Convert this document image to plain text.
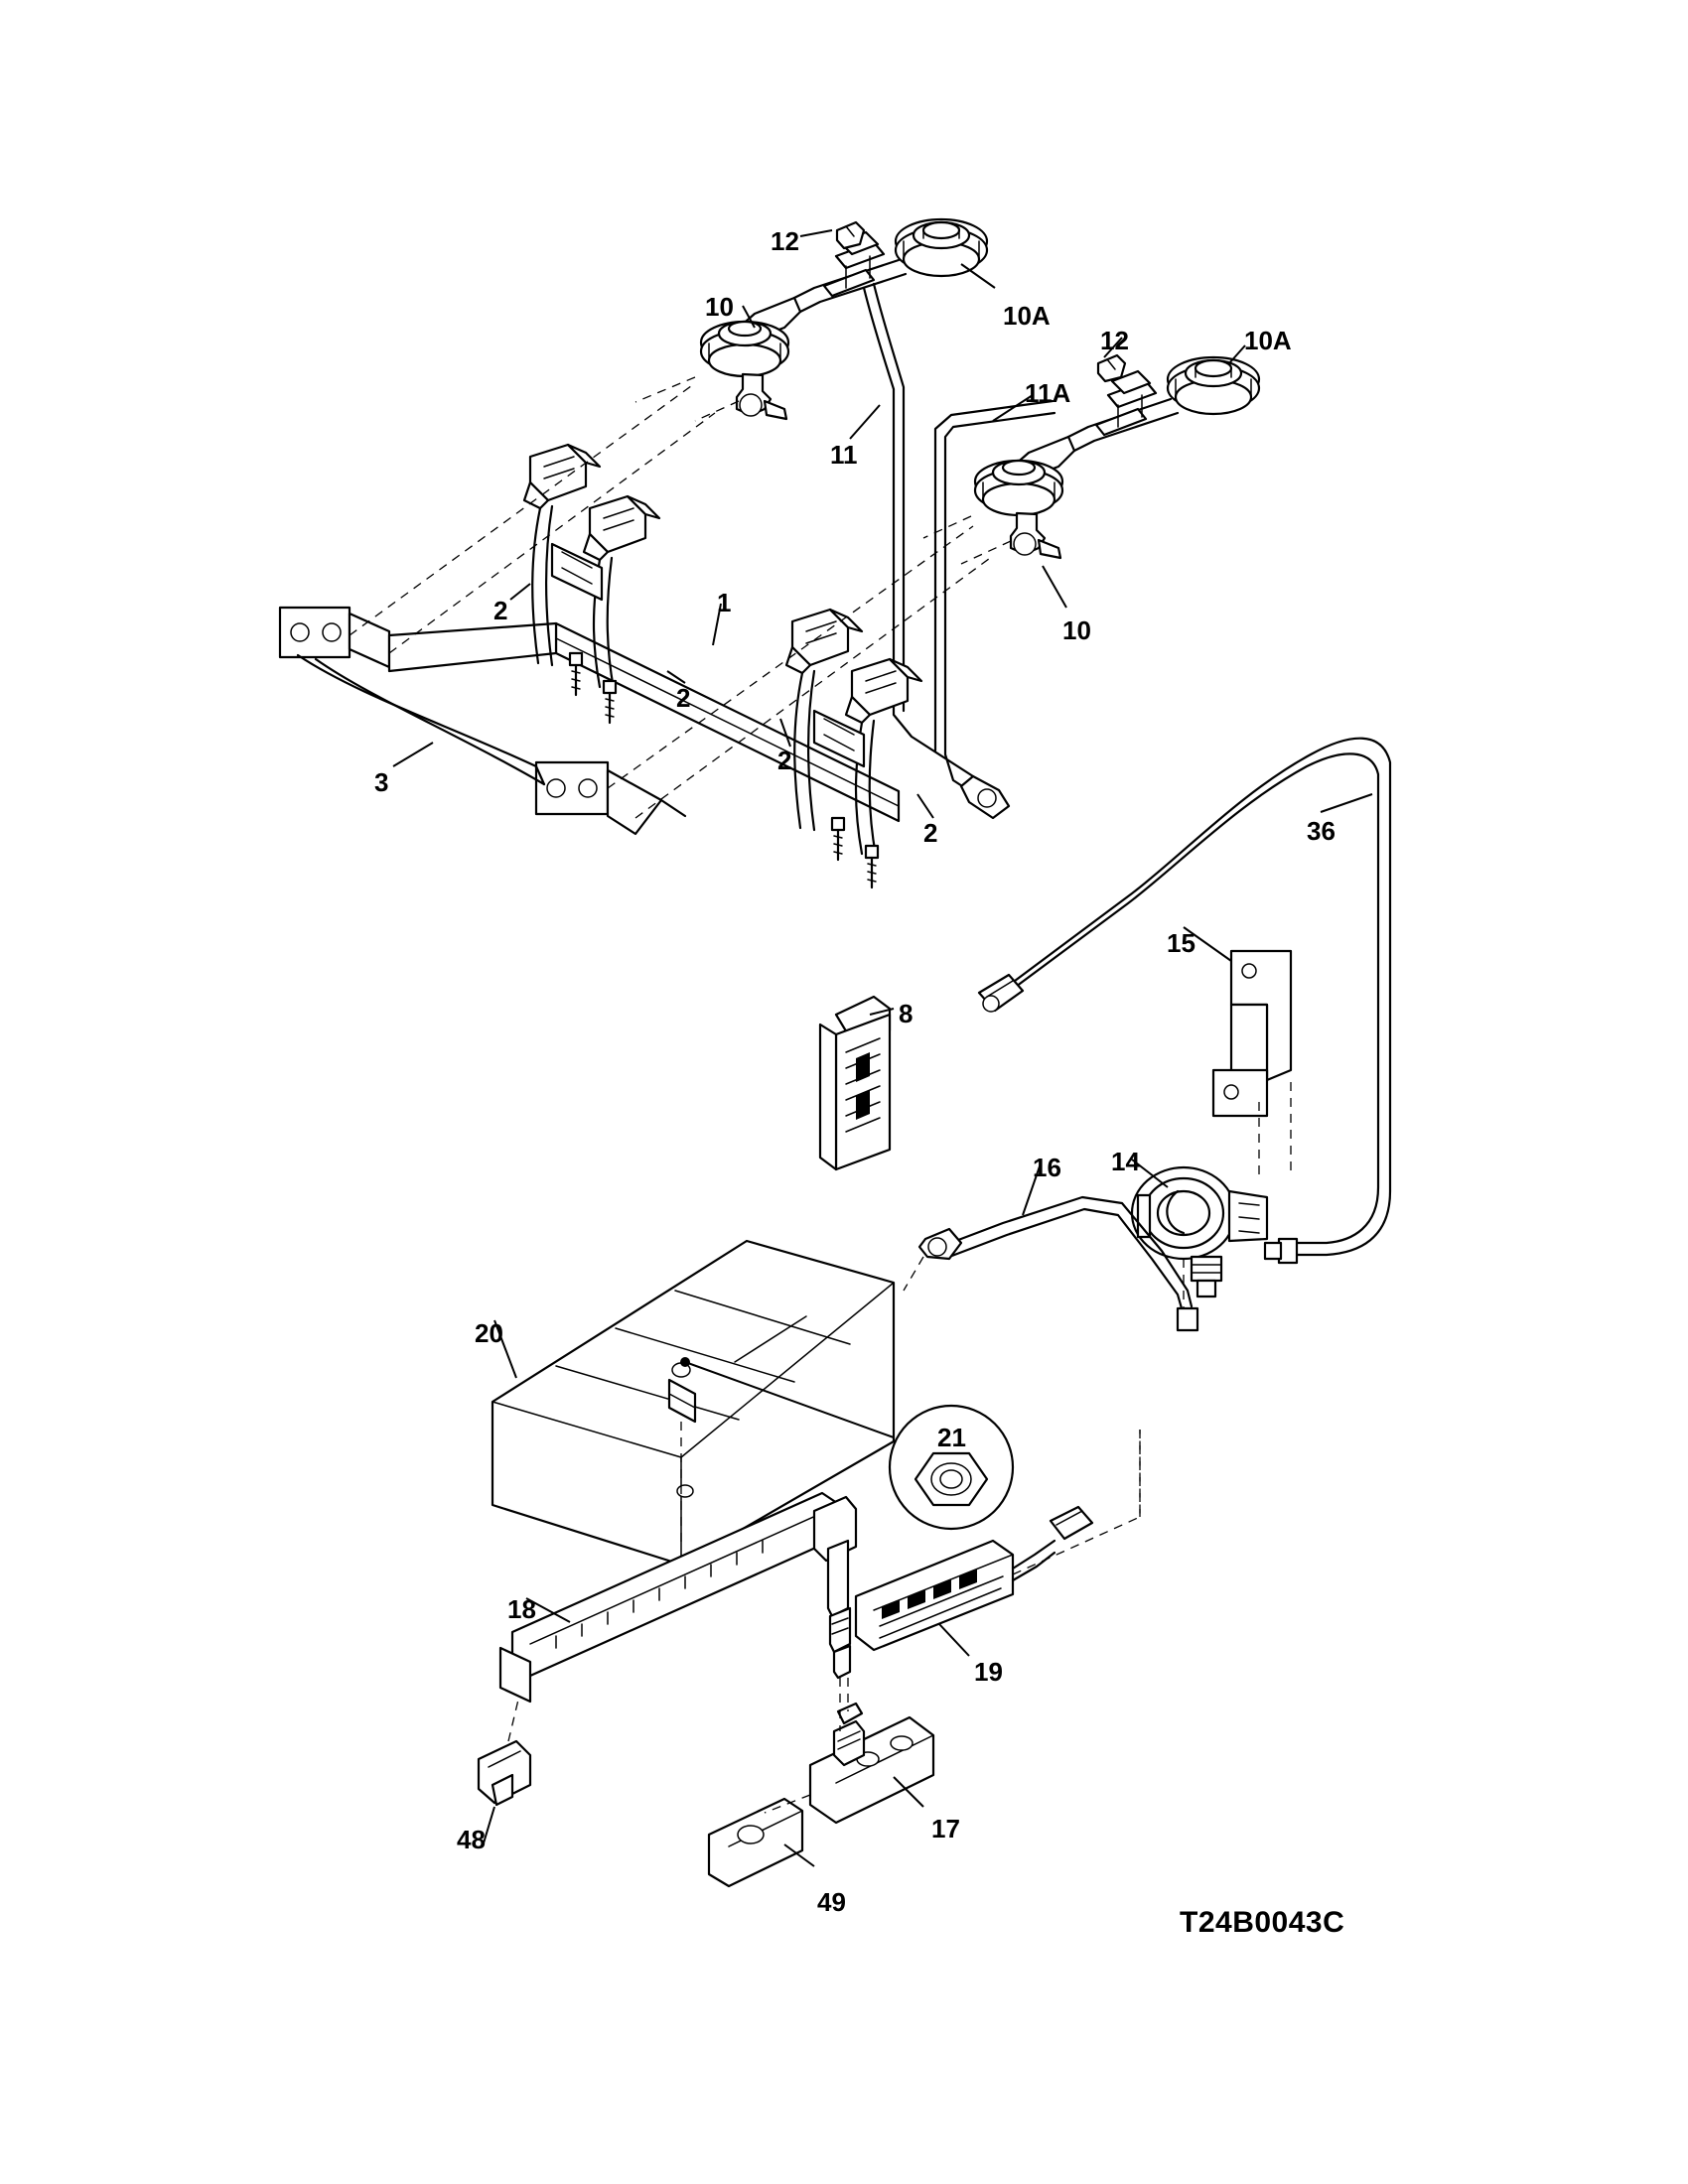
12
10A
10
12	10A
11A
11
1
2
2
2
2
10
3
36
15
8
16 14
20
21
18
19
48	17
49
T24B0043C
